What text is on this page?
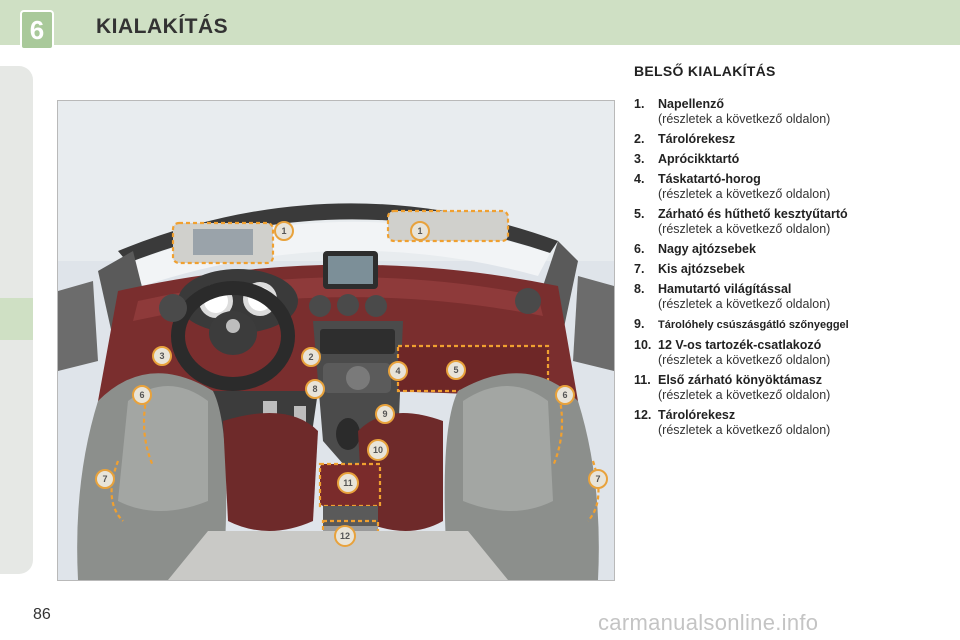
6	KIALAKÍTÁS
1	1
2
3
4	5
6	6
7	7
8
9
10
11
12
BELSŐ KIALAKÍTÁS
1. Napellenző
(részletek a következő oldalon)
2. Tárolórekesz
3. Aprócikktartó
4. Táskatartó-horog
(részletek a következő oldalon)
5. Zárható és hűthető kesztyűtartó
(részletek a következő oldalon)
6. Nagy ajtózsebek
7. Kis ajtózsebek
8. Hamutartó világítással
(részletek a következő oldalon)
9. Tárolóhely csúszásgátló szőnyeggel
10. 12 V-os tartozék-csatlakozó
(részletek a következő oldalon)
11. Első zárható könyöktámasz
(részletek a következő oldalon)
12. Tárolórekesz
(részletek a következő oldalon)
86	carmanualsonline.info
